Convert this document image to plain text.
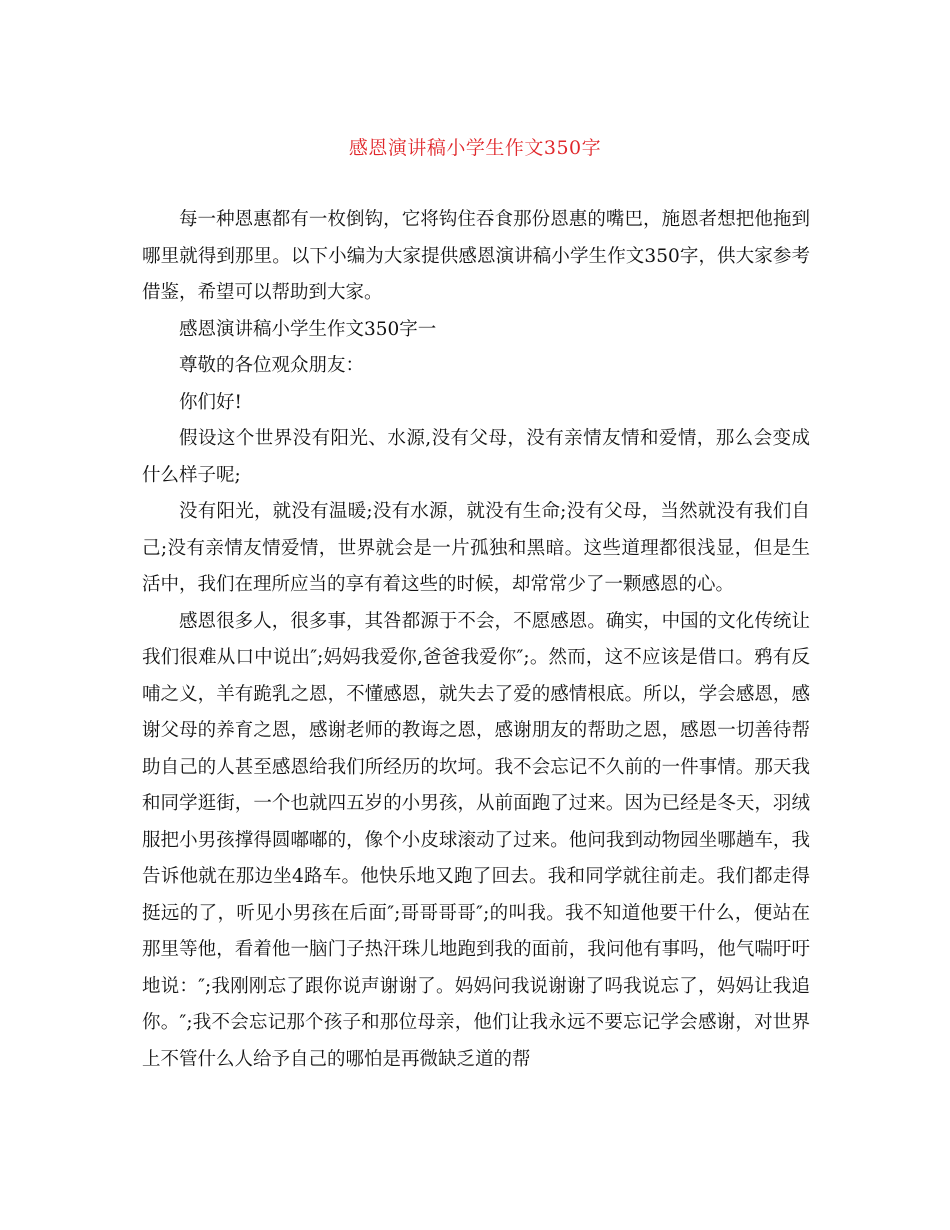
感恩演讲稿小学生作文350字

每一种恩惠都有一枚倒钩，它将钩住吞食那份恩惠的嘴巴，施恩者想把他拖到哪里就得到那里。以下小编为大家提供感恩演讲稿小学生作文350字，供大家参考借鉴，希望可以帮助到大家。

感恩演讲稿小学生作文350字一

尊敬的各位观众朋友：

你们好!

假设这个世界没有阳光、水源,没有父母，没有亲情友情和爱情，那么会变成什么样子呢;

没有阳光，就没有温暖;没有水源，就没有生命;没有父母，当然就没有我们自己;没有亲情友情爱情，世界就会是一片孤独和黑暗。这些道理都很浅显，但是生活中，我们在理所应当的享有着这些的时候，却常常少了一颗感恩的心。

感恩很多人，很多事，其咎都源于不会，不愿感恩。确实，中国的文化传统让我们很难从口中说出″;妈妈我爱你,爸爸我爱你″;。然而，这不应该是借口。鸦有反哺之义，羊有跪乳之恩，不懂感恩，就失去了爱的感情根底。所以，学会感恩，感谢父母的养育之恩，感谢老师的教诲之恩，感谢朋友的帮助之恩，感恩一切善待帮助自己的人甚至感恩给我们所经历的坎坷。我不会忘记不久前的一件事情。那天我和同学逛街，一个也就四五岁的小男孩，从前面跑了过来。因为已经是冬天，羽绒服把小男孩撑得圆嘟嘟的，像个小皮球滚动了过来。他问我到动物园坐哪趟车，我告诉他就在那边坐4路车。他快乐地又跑了回去。我和同学就往前走。我们都走得挺远的了，听见小男孩在后面″;哥哥哥哥″;的叫我。我不知道他要干什么，便站在那里等他，看着他一脑门子热汗珠儿地跑到我的面前，我问他有事吗，他气喘吁吁地说：″;我刚刚忘了跟你说声谢谢了。妈妈问我说谢谢了吗我说忘了，妈妈让我追你。″;我不会忘记那个孩子和那位母亲，他们让我永远不要忘记学会感谢，对世界上不管什么人给予自己的哪怕是再微缺乏道的帮
